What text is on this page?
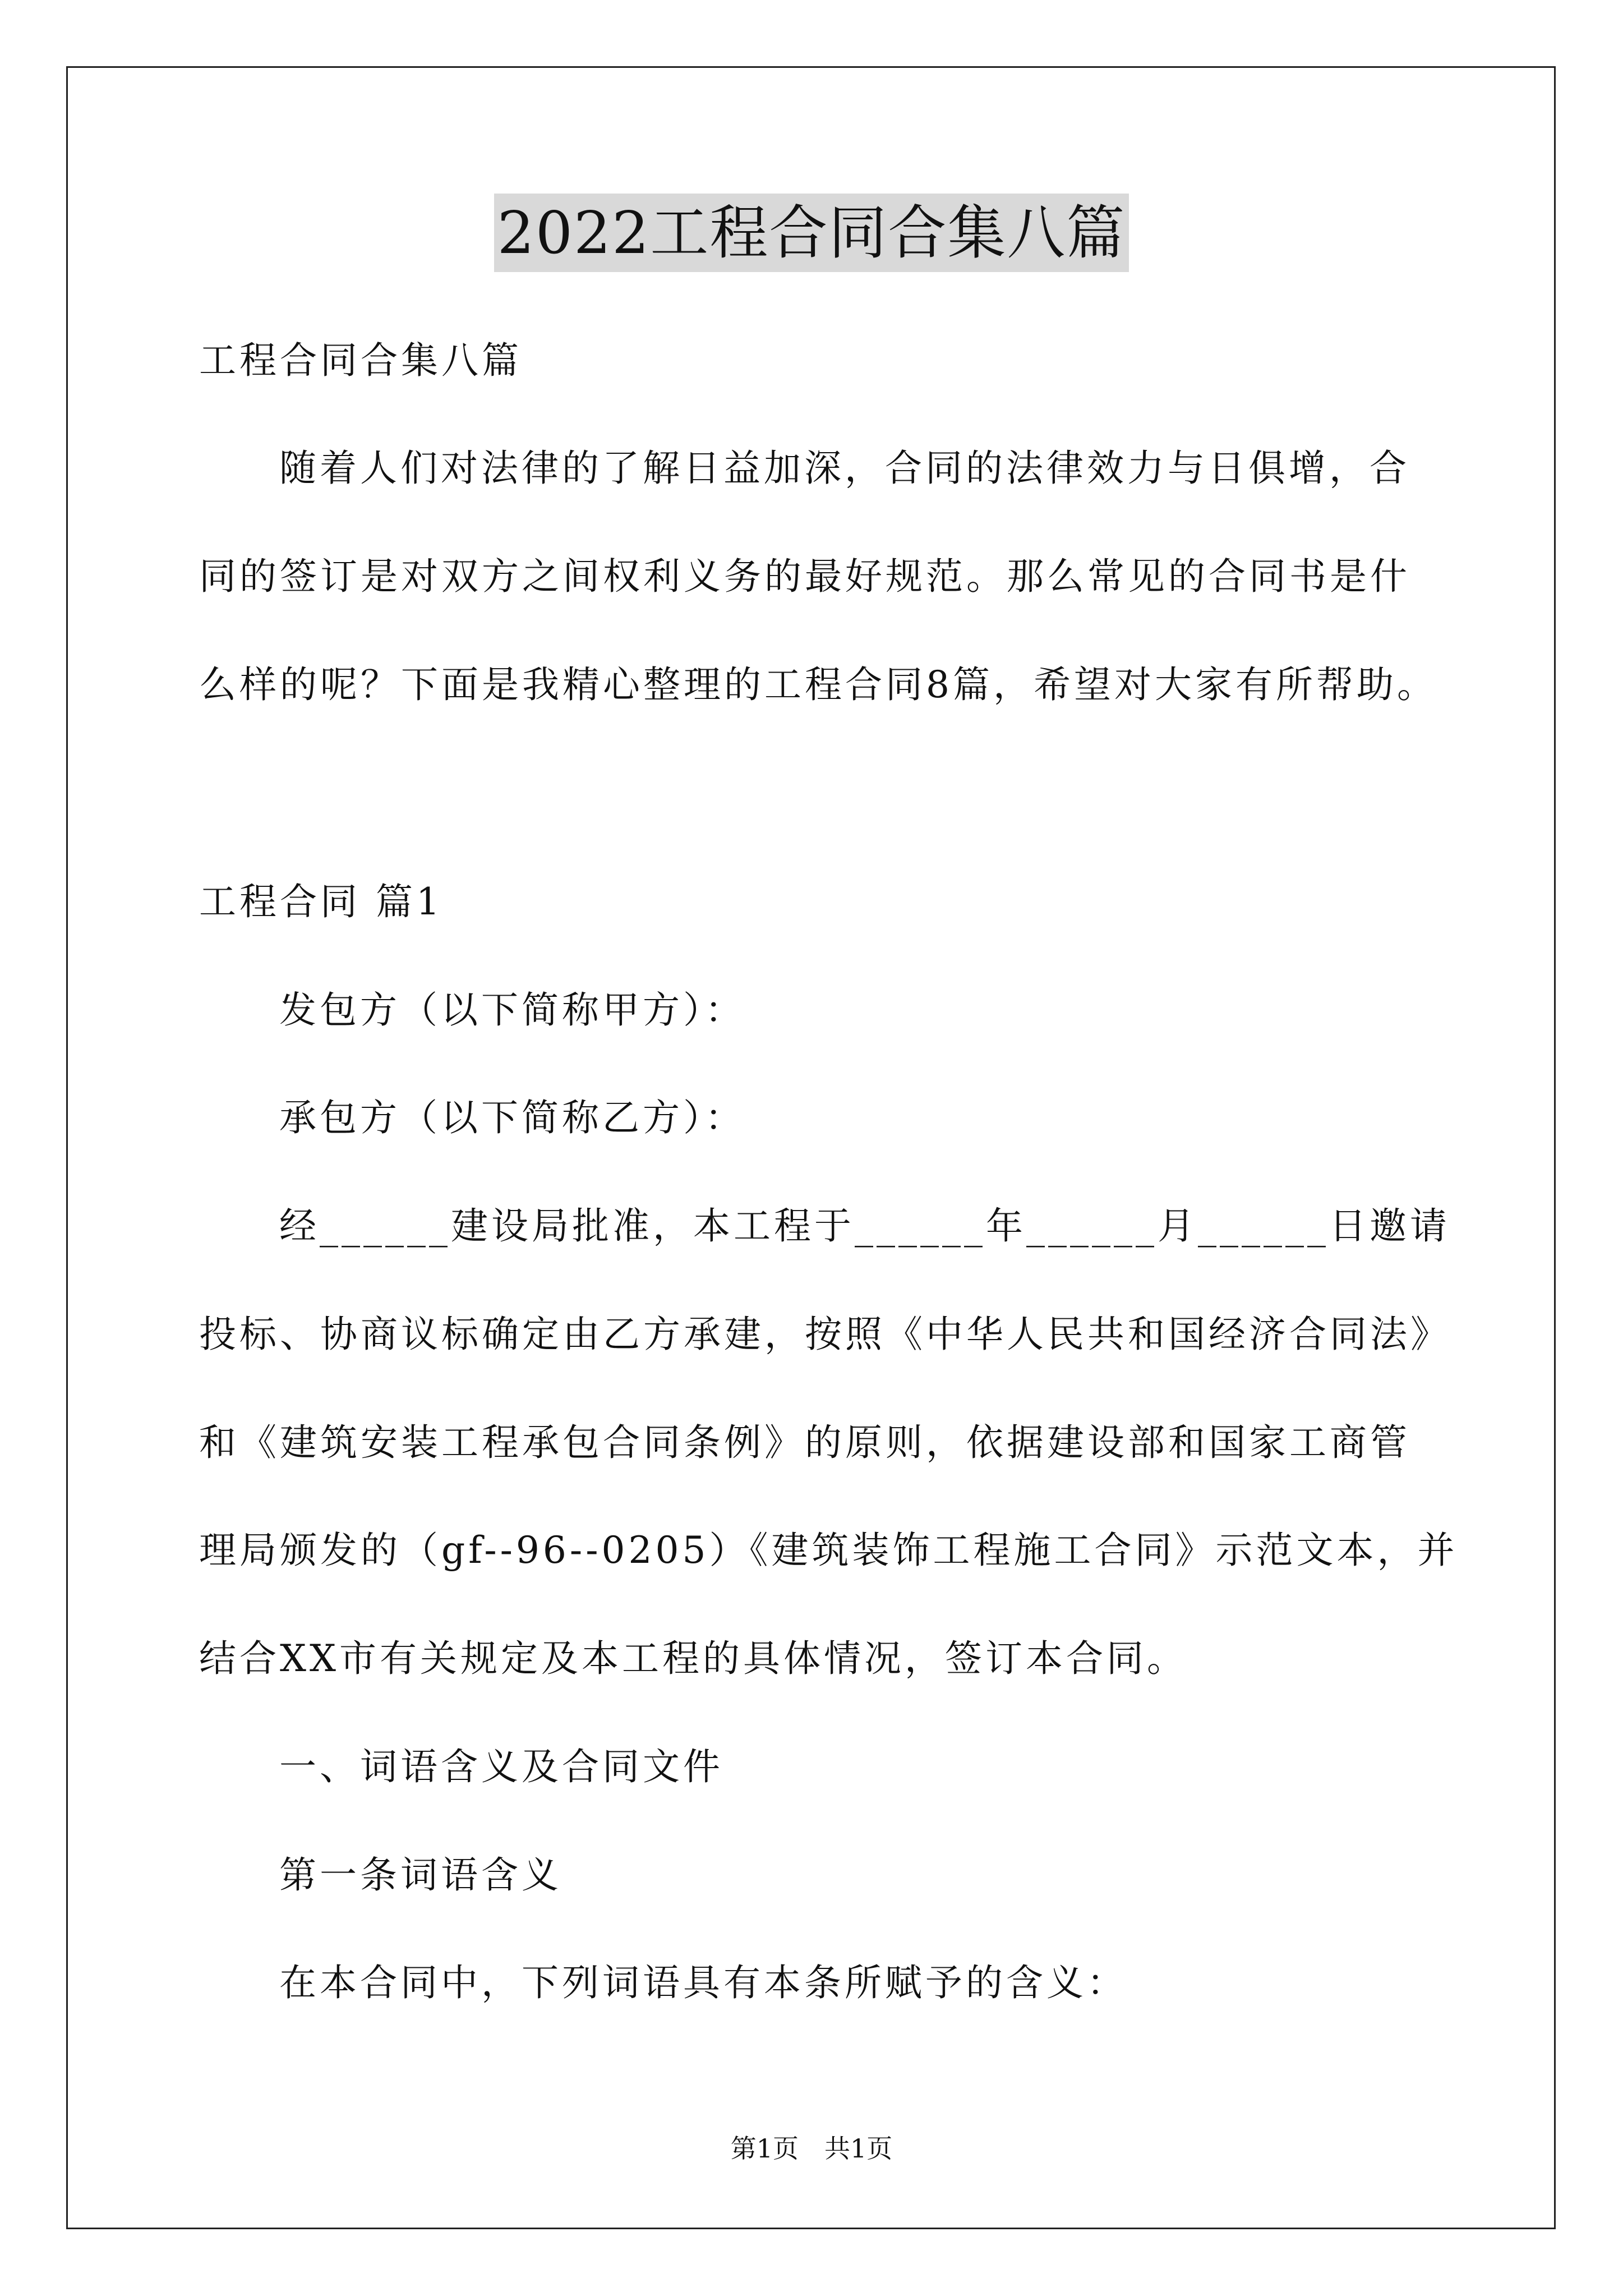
2022工程合同合集八篇
工程合同合集八篇
随着人们对法律的了解日益加深，合同的法律效力与日俱增，合
同的签订是对双方之间权利义务的最好规范。那么常见的合同书是什
么样的呢？下面是我精心整理的工程合同8篇，希望对大家有所帮助。
工程合同 篇1
发包方（以下简称甲方）：
承包方（以下简称乙方）：
经______建设局批准，本工程于______年______月______日邀请
投标、协商议标确定由乙方承建，按照《中华人民共和国经济合同法》
和《建筑安装工程承包合同条例》的原则，依据建设部和国家工商管
理局颁发的（gf--96--0205）《建筑装饰工程施工合同》示范文本，并
结合XX市有关规定及本工程的具体情况，签订本合同。
一、词语含义及合同文件
第一条词语含义
在本合同中，下列词语具有本条所赋予的含义：
第1页　共1页
